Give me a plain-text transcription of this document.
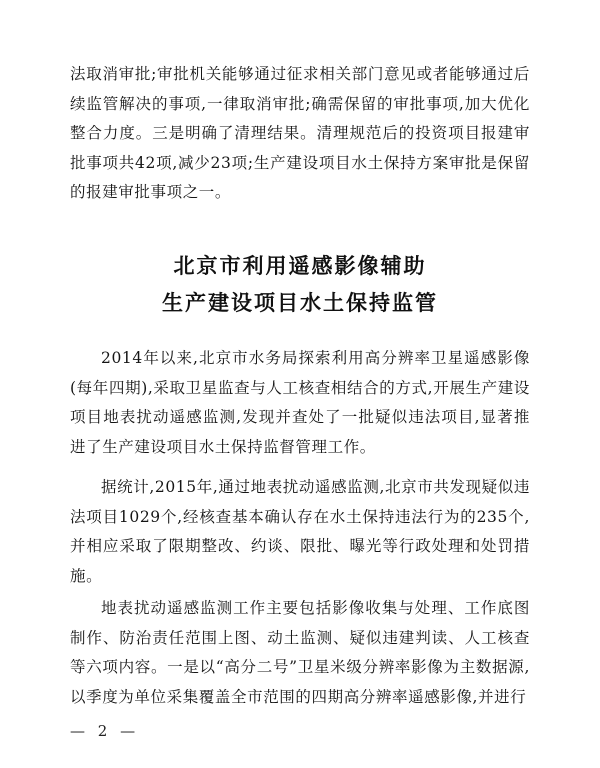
法取消审批;审批机关能够通过征求相关部门意见或者能够通过后续监管解决的事项,一律取消审批;确需保留的审批事项,加大优化整合力度。三是明确了清理结果。清理规范后的投资项目报建审批事项共42项,减少23项;生产建设项目水土保持方案审批是保留的报建审批事项之一。

北京市利用遥感影像辅助
生产建设项目水土保持监管

2014年以来,北京市水务局探索利用高分辨率卫星遥感影像(每年四期),采取卫星监查与人工核查相结合的方式,开展生产建设项目地表扰动遥感监测,发现并查处了一批疑似违法项目,显著推进了生产建设项目水土保持监督管理工作。

据统计,2015年,通过地表扰动遥感监测,北京市共发现疑似违法项目1029个,经核查基本确认存在水土保持违法行为的235个,并相应采取了限期整改、约谈、限批、曝光等行政处理和处罚措施。

地表扰动遥感监测工作主要包括影像收集与处理、工作底图制作、防治责任范围上图、动土监测、疑似违建判读、人工核查等六项内容。一是以“高分二号”卫星米级分辨率影像为主数据源,以季度为单位采集覆盖全市范围的四期高分辨率遥感影像,并进行

— 2 —
